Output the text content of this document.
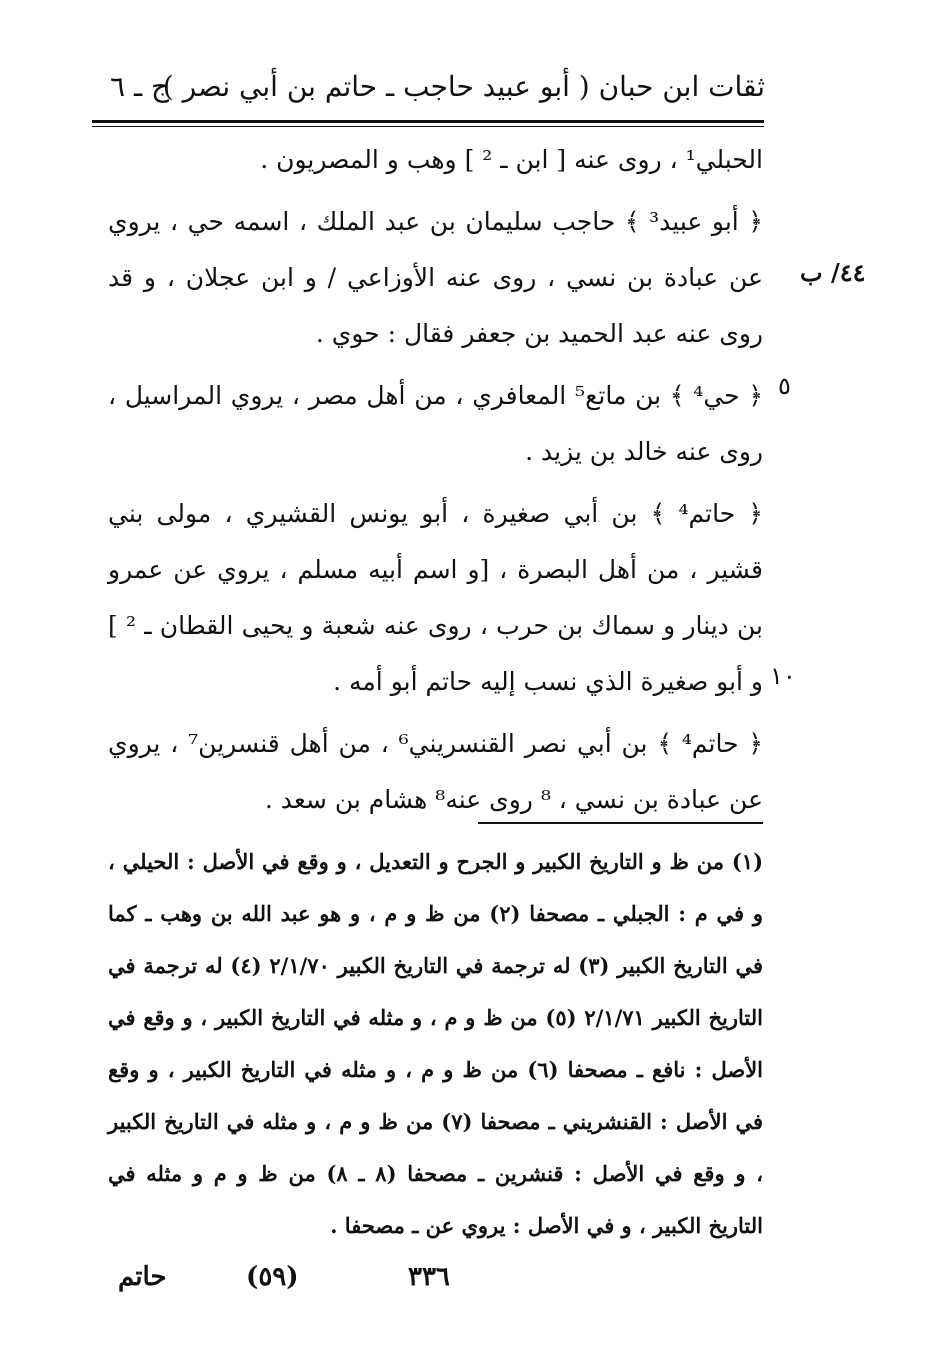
ثقات ابن حبان ( أبو عبيد حاجب ـ حاتم بن أبي نصر )
ج ـ ٦
٤٤/ ب
٥
١٠

الحبلي¹ ، روى عنه [ ابن ـ ² ] وهب و المصريون .

﴿ أبو عبيد³ ﴾ حاجب سليمان بن عبد الملك ، اسمه حي ، يروي عن عبادة بن نسي ، روى عنه الأوزاعي / و ابن عجلان ، و قد روى عنه عبد الحميد بن جعفر فقال : حوي .

﴿ حي⁴ ﴾ بن ماتع⁵ المعافري ، من أهل مصر ، يروي المراسيل ، روى عنه خالد بن يزيد .

﴿ حاتم⁴ ﴾ بن أبي صغيرة ، أبو يونس القشيري ، مولى بني قشير ، من أهل البصرة ، [و اسم أبيه مسلم ، يروي عن عمرو بن دينار و سماك بن حرب ، روى عنه شعبة و يحيى القطان ـ ² ] و أبو صغيرة الذي نسب إليه حاتم أبو أمه .

﴿ حاتم⁴ ﴾ بن أبي نصر القنسريني⁶ ، من أهل قنسرين⁷ ، يروي عن عبادة بن نسي ، ⁸ روى عنه⁸ هشام بن سعد .

(١) من ظ و التاريخ الكبير و الجرح و التعديل ، و وقع في الأصل : الحيلي ، و في م : الجبلي ـ مصحفا (٢) من ظ و م ، و هو عبد الله بن وهب ـ كما في التاريخ الكبير (٣) له ترجمة في التاريخ الكبير ٢/١/٧٠ (٤) له ترجمة في التاريخ الكبير ٢/١/٧١ (٥) من ظ و م ، و مثله في التاريخ الكبير ، و وقع في الأصل : نافع ـ مصحفا (٦) من ظ و م ، و مثله في التاريخ الكبير ، و وقع في الأصل : القنشريني ـ مصحفا (٧) من ظ و م ، و مثله في التاريخ الكبير ، و وقع في الأصل : قنشرين ـ مصحفا (٨ ـ ٨) من ظ و م و مثله في التاريخ الكبير ، و في الأصل : يروي عن ـ مصحفا .
٣٣٦
(٥٩)
حاتم
